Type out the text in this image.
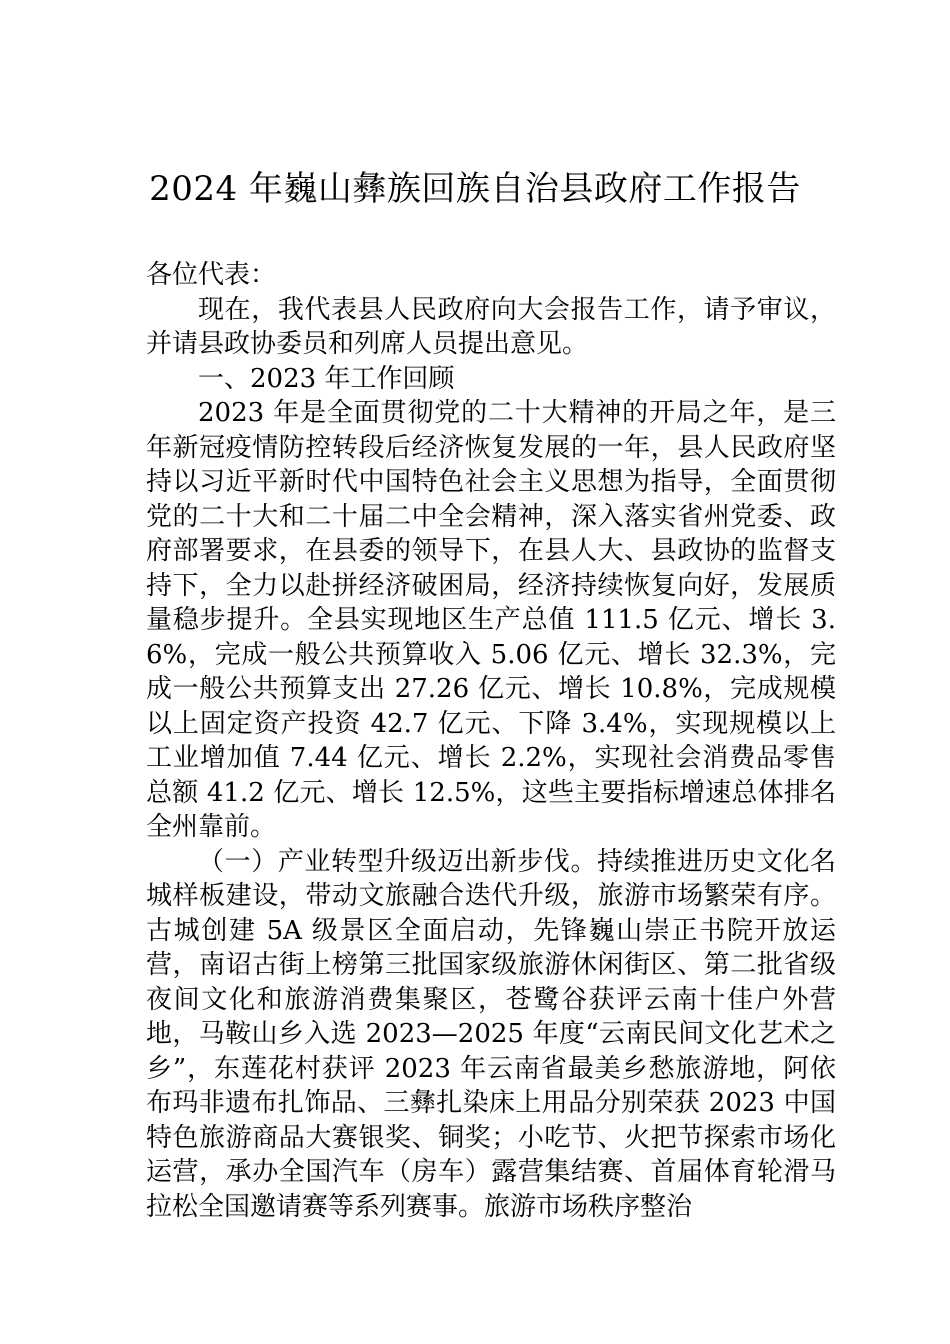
2024 年巍山彝族回族自治县政府工作报告

各位代表：

现在，我代表县人民政府向大会报告工作，请予审议，并请县政协委员和列席人员提出意见。

一、2023 年工作回顾

2023 年是全面贯彻党的二十大精神的开局之年，是三年新冠疫情防控转段后经济恢复发展的一年，县人民政府坚持以习近平新时代中国特色社会主义思想为指导，全面贯彻党的二十大和二十届二中全会精神，深入落实省州党委、政府部署要求，在县委的领导下，在县人大、县政协的监督支持下，全力以赴拼经济破困局，经济持续恢复向好，发展质量稳步提升。全县实现地区生产总值 111.5 亿元、增长 3.6%，完成一般公共预算收入 5.06 亿元、增长 32.3%，完成一般公共预算支出 27.26 亿元、增长 10.8%，完成规模以上固定资产投资 42.7 亿元、下降 3.4%，实现规模以上工业增加值 7.44 亿元、增长 2.2%，实现社会消费品零售总额 41.2 亿元、增长 12.5%，这些主要指标增速总体排名全州靠前。

（一）产业转型升级迈出新步伐。持续推进历史文化名城样板建设，带动文旅融合迭代升级，旅游市场繁荣有序。古城创建 5A 级景区全面启动，先锋巍山崇正书院开放运营，南诏古街上榜第三批国家级旅游休闲街区、第二批省级夜间文化和旅游消费集聚区，苍鹭谷获评云南十佳户外营地，马鞍山乡入选 2023—2025 年度“云南民间文化艺术之乡”，东莲花村获评 2023 年云南省最美乡愁旅游地，阿依布玛非遗布扎饰品、三彝扎染床上用品分别荣获 2023 中国特色旅游商品大赛银奖、铜奖；小吃节、火把节探索市场化运营，承办全国汽车（房车）露营集结赛、首届体育轮滑马拉松全国邀请赛等系列赛事。旅游市场秩序整治
